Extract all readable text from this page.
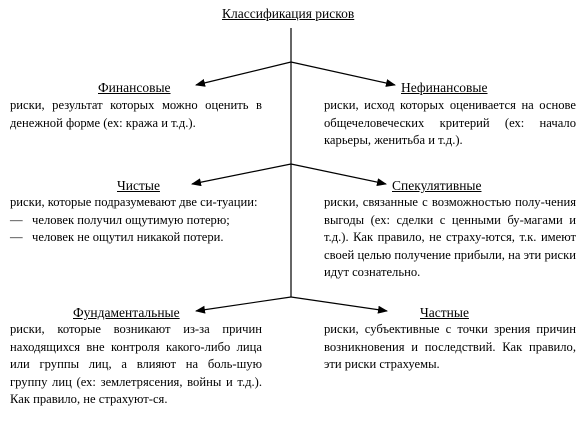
Классификация рисков
Финансовые
риски, результат которых можно оценить в денежной форме (ех: кража и т.д.).
Нефинансовые
риски, исход которых оценивается на основе общечеловеческих критерий (ех: начало карьеры, женитьба и т.д.).
Чистые
риски, которые подразумевают две си-туации:
— человек получил ощутимую потерю;
— человек не ощутил никакой потери.
Спекулятивные
риски, связанные с возможностью полу-чения выгоды (ех: сделки с ценными бу-магами и т.д.). Как правило, не страху-ются, т.к. имеют своей целью получение прибыли, на эти риски идут сознательно.
Фундаментальные
риски, которые возникают из-за причин находящихся вне контроля какого-либо лица или группы лиц, а влияют на боль-шую группу лиц (ех: землетрясения, войны и т.д.). Как правило, не страхуют-ся.
Частные
риски, субъективные с точки зрения причин возникновения и последствий. Как правило, эти риски страхуемы.
